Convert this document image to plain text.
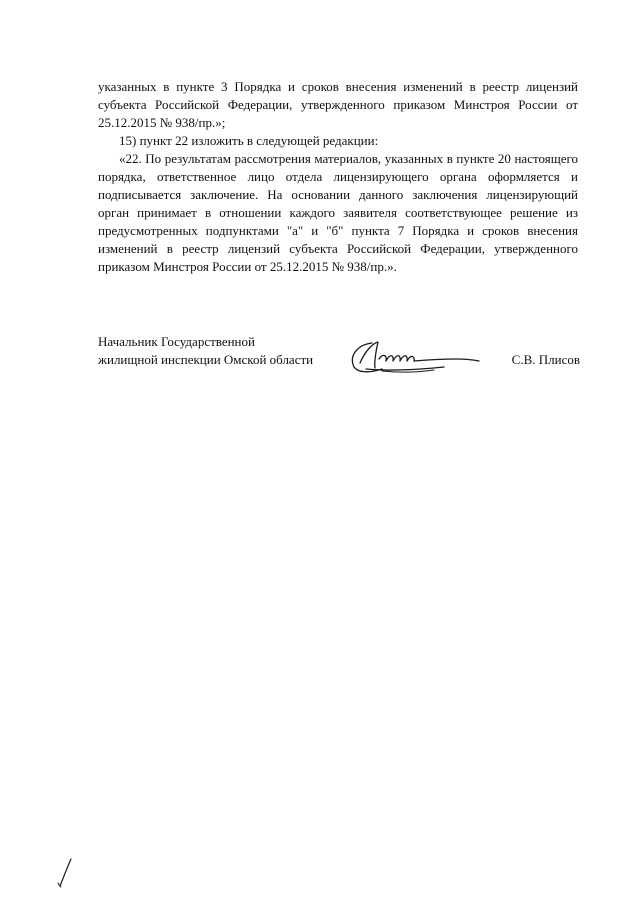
указанных в пункте 3 Порядка и сроков внесения изменений в реестр лицензий субъекта Российской Федерации, утвержденного приказом Минстроя России от 25.12.2015 № 938/пр.»;

15) пункт 22 изложить в следующей редакции:

«22. По результатам рассмотрения материалов, указанных в пункте 20 настоящего порядка, ответственное лицо отдела лицензирующего органа оформляется и подписывается заключение. На основании данного заключения лицензирующий орган принимает в отношении каждого заявителя соответствующее решение из предусмотренных подпунктами "а" и "б" пункта 7 Порядка и сроков внесения изменений в реестр лицензий субъекта Российской Федерации, утвержденного приказом Минстроя России от 25.12.2015 № 938/пр.».

Начальник Государственной
жилищной инспекции Омской области	С.В. Плисов
